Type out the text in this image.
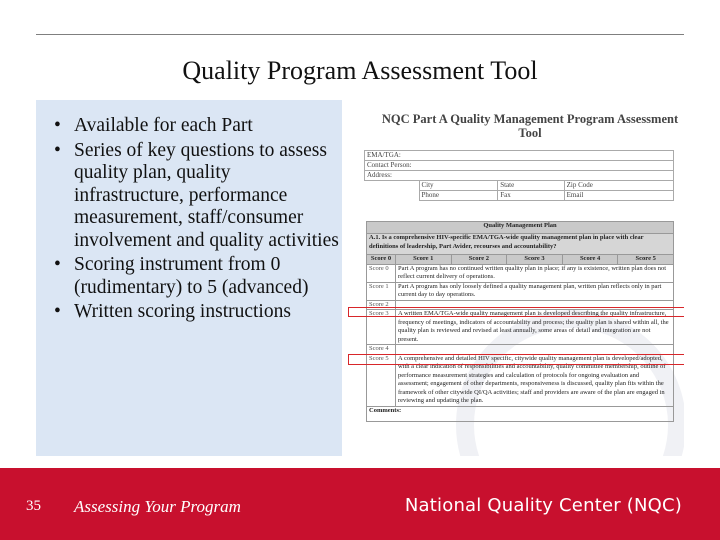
Quality Program Assessment Tool
• Available for each Part
• Series of key questions to assess quality plan, quality infrastructure, performance measurement, staff/consumer involvement and quality activities
• Scoring instrument from 0 (rudimentary) to 5 (advanced)
• Written scoring instructions
NQC Part A Quality Management Program Assessment Tool
EMA/TGA:			
Contact Person:			
Address:			
	City	State	Zip Code
	Phone	Fax	Email
Quality Management Plan					
A.1. Is a comprehensive HIV-specific EMA/TGA-wide quality management plan in place with clear definitions of leadership, Part Avider, recourses and accountability?					
Score 0	Score 1	Score 2	Score 3	Score 4	Score 5
Score 0	Part A program has no continued written quality plan in place; if any is existence, written plan does not reflect current delivery of operations.				
Score 1	Part A program has only loosely defined a quality management plan, written plan reflects only in part current day to day operations.				
Score 2					
Score 3	A written EMA/TGA-wide quality management plan is developed describing the quality infrastructure, frequency of meetings, indicators of accountability and process; the quality plan is shared within all, the quality plan is reviewed and revised at least annually, some areas of detail and integration are not present.				
Score 4					
Score 5	A comprehensive and detailed HIV specific, citywide quality management plan is developed/adopted, with a clear indication of responsibilities and accountability, quality committee membership, outline of performance measurement strategies and calculation of protocols for ongoing evaluation and assessment; engagement of other departments, responsiveness is discussed, quality plan fits within the framework of other citywide QI/QA activities; staff and providers are aware of the plan are engaged in reviewing and updating the plan.				
Comments:					
35 Assessing Your Program	National Quality Center (NQC)
